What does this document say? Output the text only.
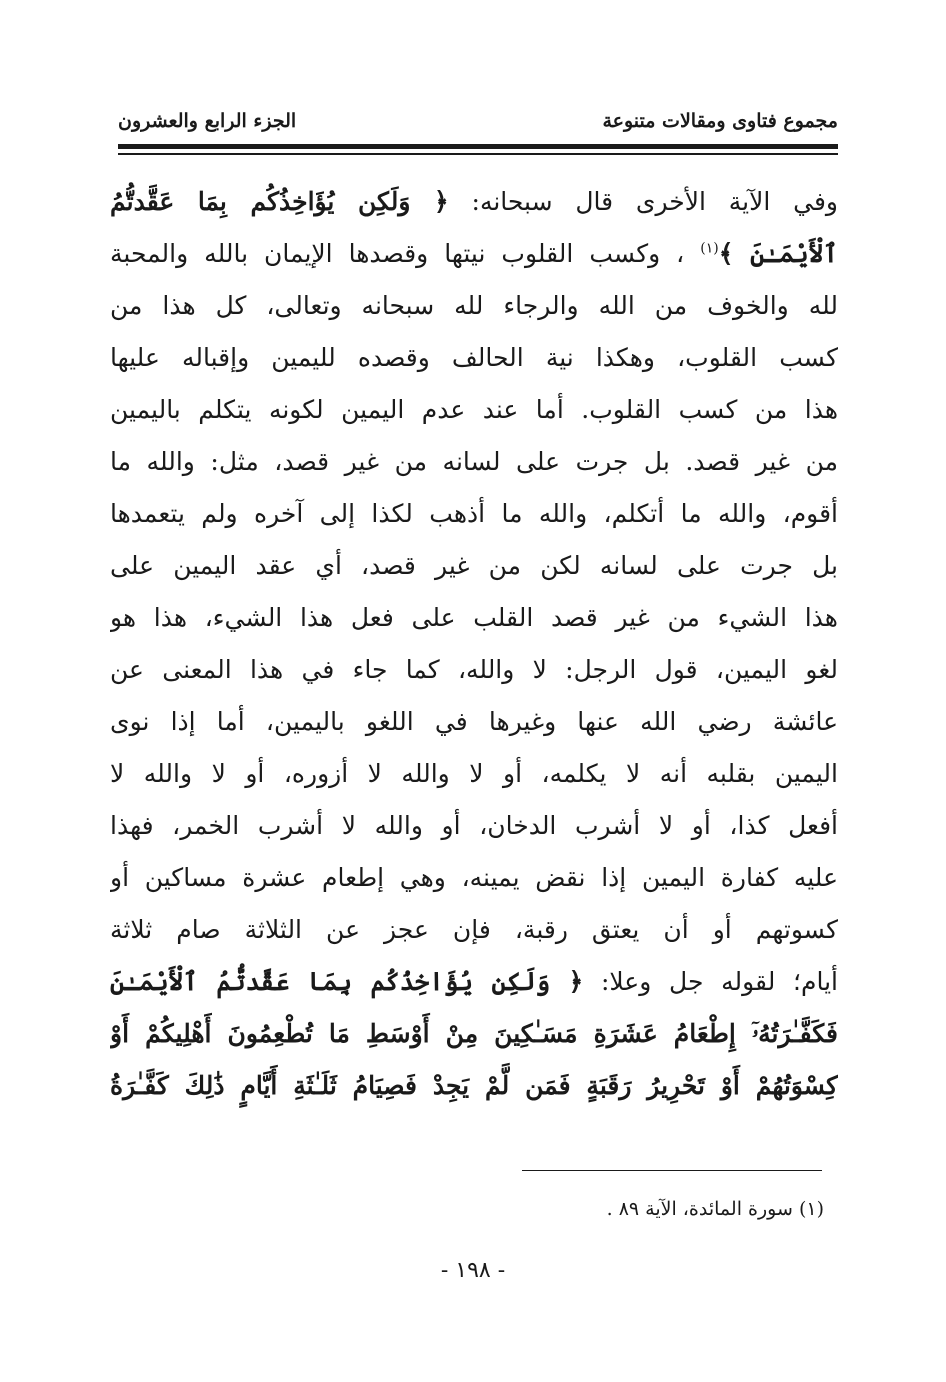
مجموع فتاوى ومقالات متنوعة
الجزء الرابع والعشرون
وفي الآية الأخرى قال سبحانه: ﴿ وَلَكِن يُؤَاخِذُكُم بِمَا عَقَّدتُّمُ
ٱلْأَيْمَـٰنَ ﴾$^{(١)}$ ، وكسب القلوب نيتها وقصدها الإيمان بالله والمحبة
لله والخوف من الله والرجاء لله سبحانه وتعالى، كل هذا من
كسب القلوب، وهكذا نية الحالف وقصده لليمين وإقباله عليها
هذا من كسب القلوب. أما عند عدم اليمين لكونه يتكلم باليمين
من غير قصد. بل جرت على لسانه من غير قصد، مثل: والله ما
أقوم، والله ما أتكلم، والله ما أذهب لكذا إلى آخره ولم يتعمدها
بل جرت على لسانه لكن من غير قصد، أي عقد اليمين على
هذا الشيء من غير قصد القلب على فعل هذا الشيء، هذا هو
لغو اليمين، قول الرجل: لا والله، كما جاء في هذا المعنى عن
عائشة رضي الله عنها وغيرها في اللغو باليمين، أما إذا نوى
اليمين بقلبه أنه لا يكلمه، أو لا والله لا أزوره، أو لا والله لا
أفعل كذا، أو لا أشرب الدخان، أو والله لا أشرب الخمر، فهذا
عليه كفارة اليمين إذا نقض يمينه، وهي إطعام عشرة مساكين أو
كسوتهم أو أن يعتق رقبة، فإن عجز عن الثلاثة صام ثلاثة
أيام؛ لقوله جل وعلا: ﴿ وَلَكِن يُؤَاخِذُكُم بِمَا عَقَّدتُّمُ ٱلْأَيْمَـٰنَ
فَكَفَّـٰرَتُهُۥٓ إِطْعَامُ عَشَرَةِ مَسَـٰكِينَ مِنْ أَوْسَطِ مَا تُطْعِمُونَ أَهْلِيكُمْ أَوْ
كِسْوَتُهُمْ أَوْ تَحْرِيرُ رَقَبَةٍ فَمَن لَّمْ يَجِدْ فَصِيَامُ ثَلَـٰثَةِ أَيَّامٍ ذَٰلِكَ كَفَّـٰرَةُ
(١) سورة المائدة، الآية ٨٩ .
- ١٩٨ -
